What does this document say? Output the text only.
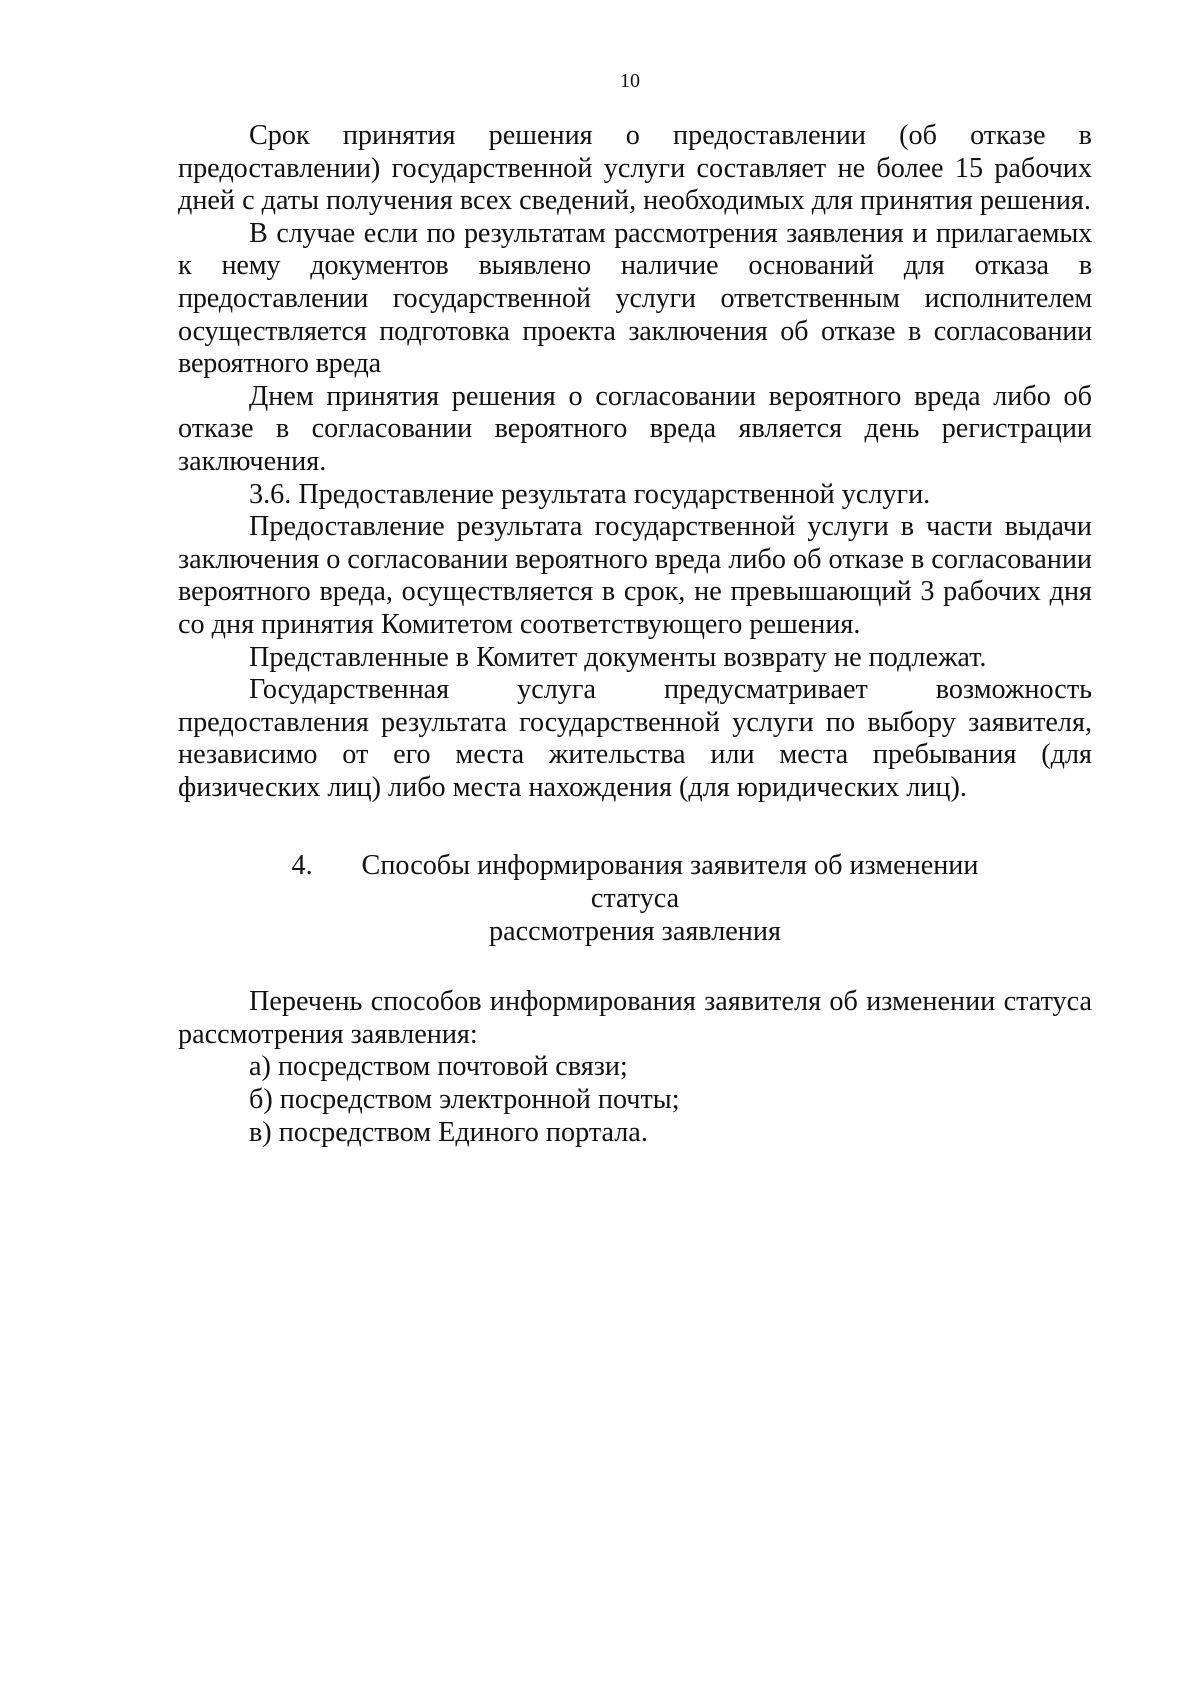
10

Срок принятия решения о предоставлении (об отказе в предоставлении) государственной услуги составляет не более 15 рабочих дней с даты получения всех сведений, необходимых для принятия решения.

В случае если по результатам рассмотрения заявления и прилагаемых к нему документов выявлено наличие оснований для отказа в предоставлении государственной услуги ответственным исполнителем осуществляется подготовка проекта заключения об отказе в согласовании вероятного вреда

Днем принятия решения о согласовании вероятного вреда либо об отказе в согласовании вероятного вреда является день регистрации заключения.

3.6. Предоставление результата государственной услуги.

Предоставление результата государственной услуги в части выдачи заключения о согласовании вероятного вреда либо об отказе в согласовании вероятного вреда, осуществляется в срок, не превышающий 3 рабочих дня со дня принятия Комитетом соответствующего решения.

Представленные в Комитет документы возврату не подлежат.

Государственная услуга предусматривает возможность предоставления результата государственной услуги по выбору заявителя, независимо от его места жительства или места пребывания (для физических лиц) либо места нахождения (для юридических лиц).

4. Способы информирования заявителя об изменении статуса
рассмотрения заявления

Перечень способов информирования заявителя об изменении статуса рассмотрения заявления:

а) посредством почтовой связи;

б) посредством электронной почты;

в) посредством Единого портала.
